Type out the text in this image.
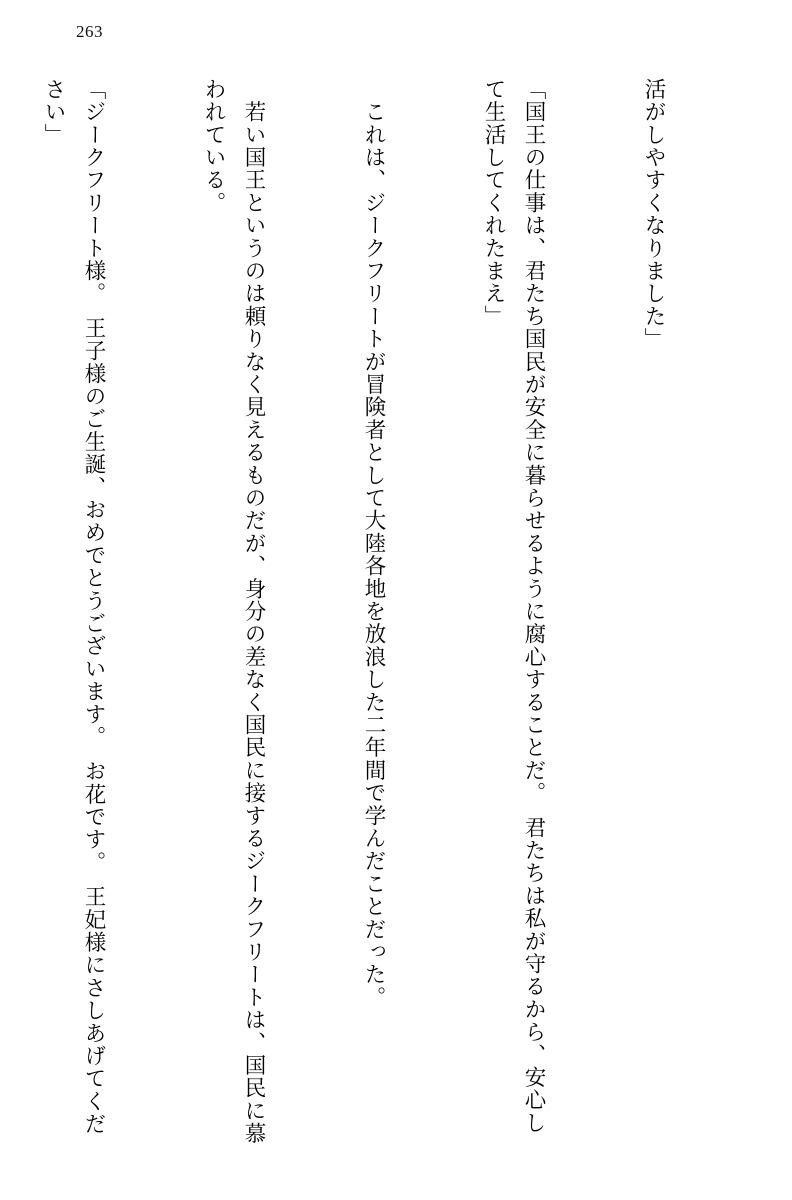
263

活がしやすくなりました」

「国王の仕事は、君たち国民が安全に暮らせるように腐心することだ。　君たちは私が守るから、安心して生活してくれたまえ」

　これは、ジークフリートが冒険者として大陸各地を放浪した二年間で学んだことだった。

　若い国王というのは頼りなく見えるものだが、身分の差なく国民に接するジークフリートは、国民に慕われている。

「ジークフリート様。　王子様のご生誕、おめでとうございます。　お花です。　王妃様にさしあげてください」
